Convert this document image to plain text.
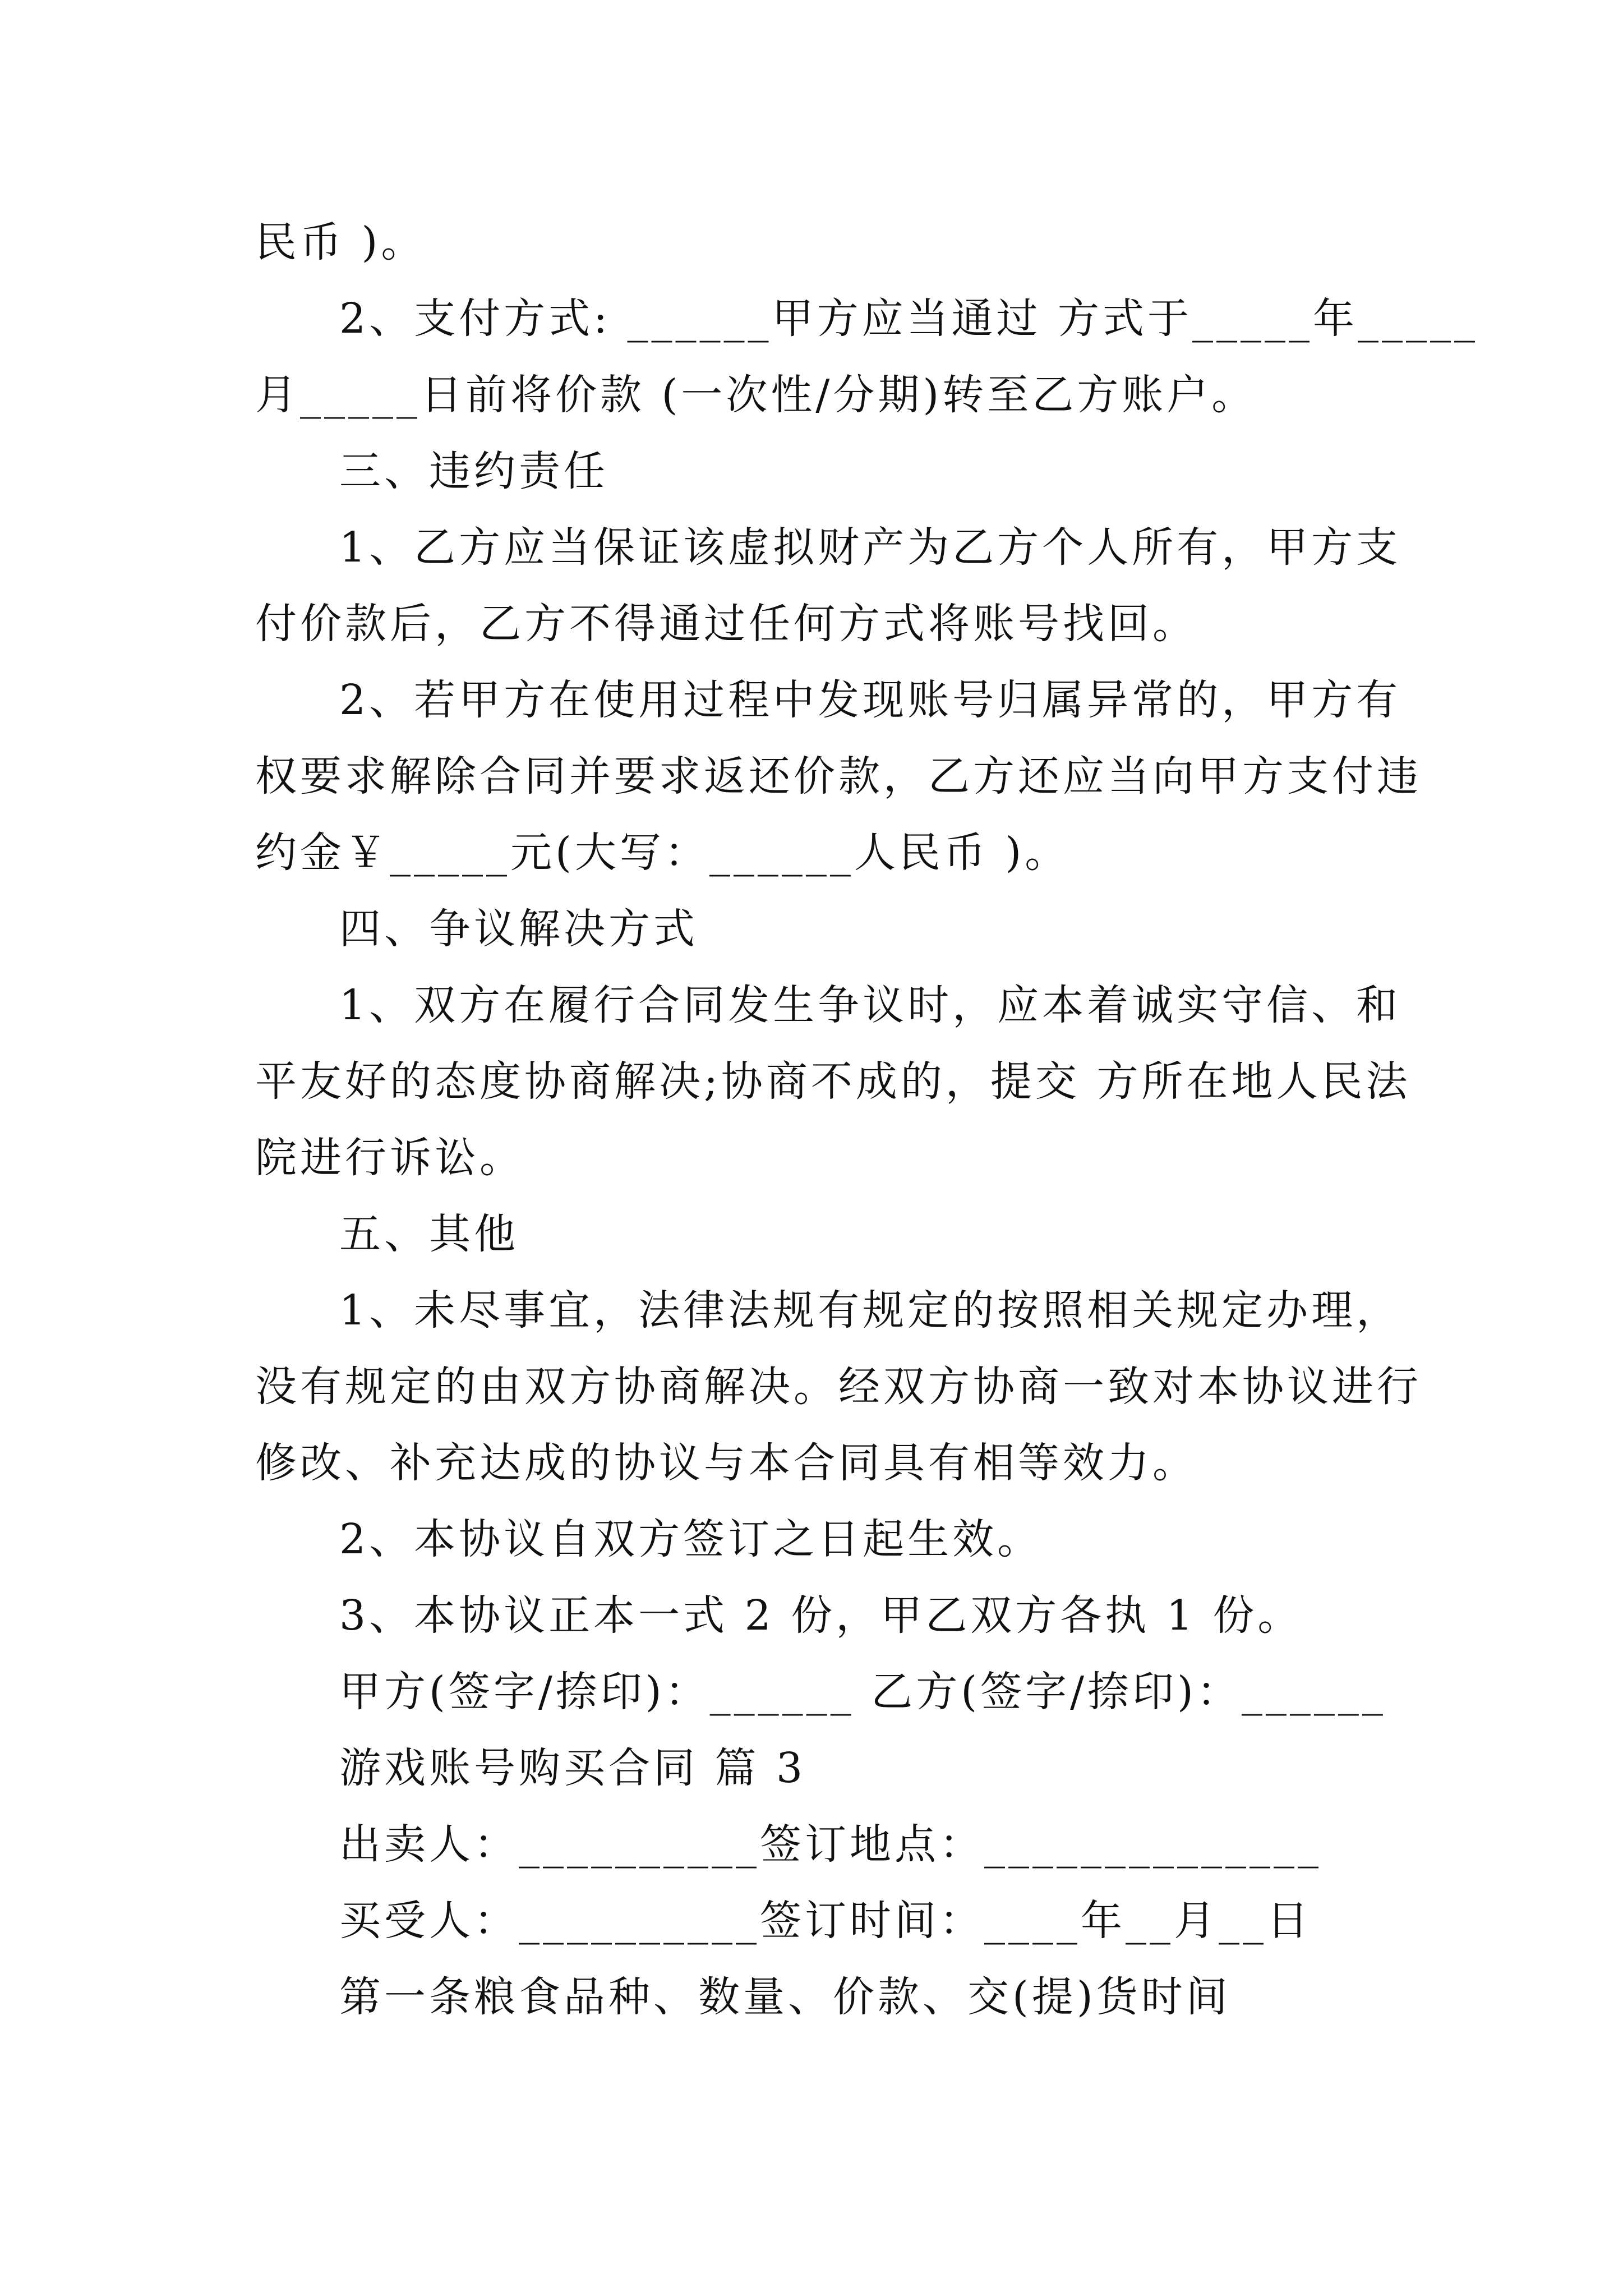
民币 )。
2、支付方式: ______甲方应当通过 方式于_____年_____
月_____日前将价款 (一次性/分期)转至乙方账户。
三、违约责任
1、乙方应当保证该虚拟财产为乙方个人所有，甲方支
付价款后，乙方不得通过任何方式将账号找回。
2、若甲方在使用过程中发现账号归属异常的，甲方有
权要求解除合同并要求返还价款，乙方还应当向甲方支付违
约金￥_____元(大写：______人民币 )。
四、争议解决方式
1、双方在履行合同发生争议时，应本着诚实守信、和
平友好的态度协商解决;协商不成的，提交 方所在地人民法
院进行诉讼。
五、其他
1、未尽事宜，法律法规有规定的按照相关规定办理，
没有规定的由双方协商解决。经双方协商一致对本协议进行
修改、补充达成的协议与本合同具有相等效力。
2、本协议自双方签订之日起生效。
3、本协议正本一式 2 份，甲乙双方各执 1 份。
甲方(签字/捺印)：______ 乙方(签字/捺印)：______
游戏账号购买合同 篇 3
出卖人：__________签订地点：______________
买受人：__________签订时间：____年__月__日
第一条粮食品种、数量、价款、交(提)货时间
